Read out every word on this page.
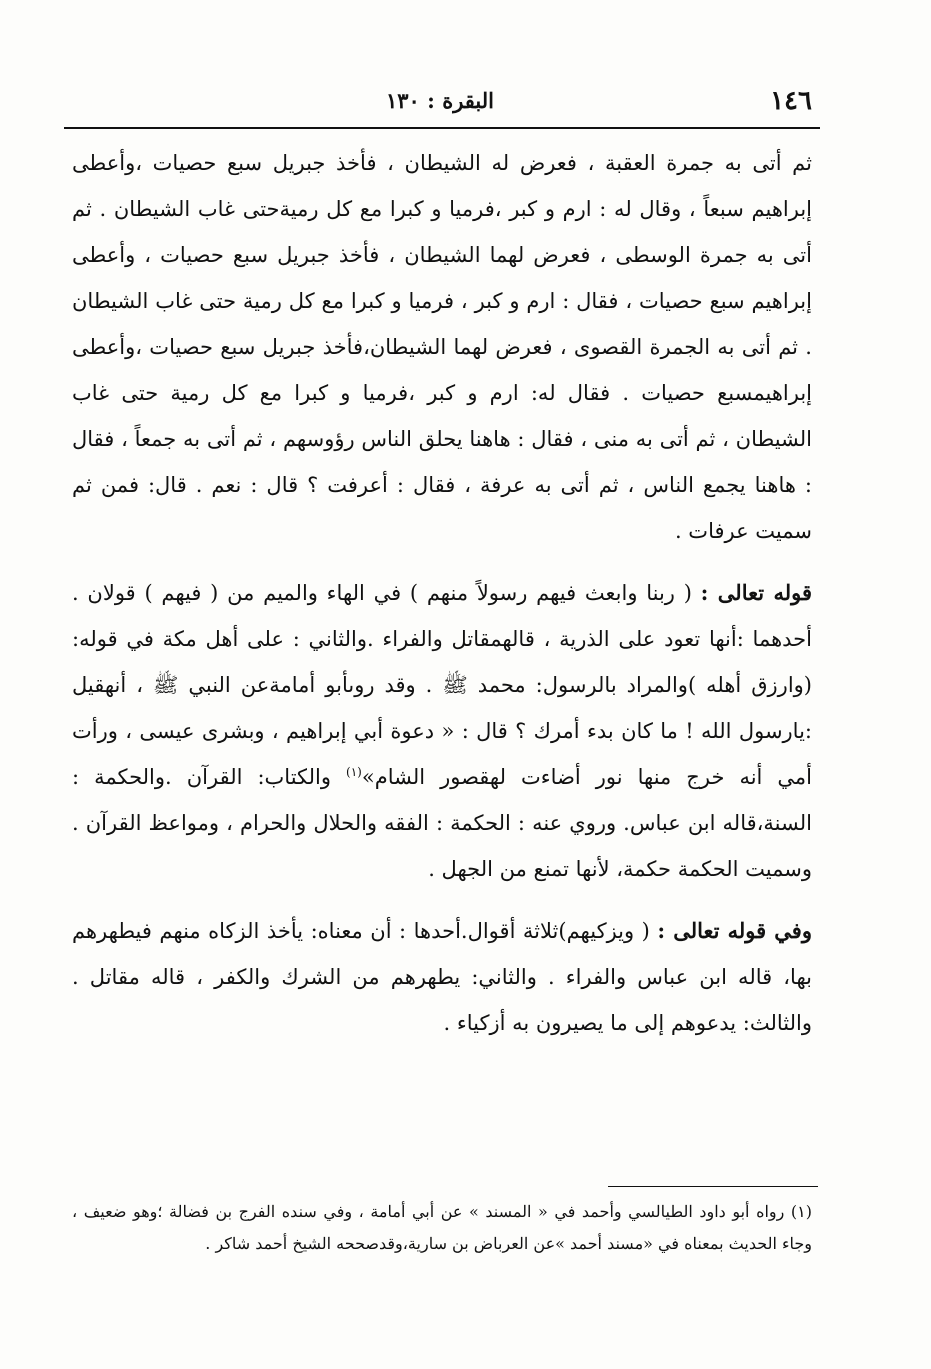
١٤٦
البقرة : ١٣٠

ثم أتى به جمرة العقبة ، فعرض له الشيطان ، فأخذ جبريل سبع حصيات ،وأعطى إبراهيم سبعاً ، وقال له : ارم و كبر ،فرميا و كبرا مع كل رميةحتى غاب الشيطان . ثم أتى به جمرة الوسطى ، فعرض لهما الشيطان ، فأخذ جبريل سبع حصيات ، وأعطى إبراهيم سبع حصيات ، فقال : ارم و كبر ، فرميا و كبرا مع كل رمية حتى غاب الشيطان . ثم أتى به الجمرة القصوى ، فعرض لهما الشيطان،فأخذ جبريل سبع حصيات ،وأعطى إبراهيمسبع حصيات . فقال له: ارم و كبر ،فرميا و كبرا مع كل رمية حتى غاب الشيطان ، ثم أتى به منى ، فقال : هاهنا يحلق الناس رؤوسهم ، ثم أتى به جمعاً ، فقال : هاهنا يجمع الناس ، ثم أتى به عرفة ، فقال : أعرفت ؟ قال : نعم . قال: فمن ثم سميت عرفات .

قوله تعالى : ( ربنا وابعث فيهم رسولاً منهم ) في الهاء والميم من ( فيهم ) قولان . أحدهما :أنها تعود على الذرية ، قالهمقاتل والفراء .والثاني : على أهل مكة في قوله:(وارزق أهله )والمراد بالرسول: محمد ﷺ . وقد روىأبو أمامةعن النبي ﷺ ، أنهقيل :يارسول الله ! ما كان بدء أمرك ؟ قال : « دعوة أبي إبراهيم ، وبشرى عيسى ، ورأت أمي أنه خرج منها نور أضاءت لهقصور الشام»$^{(١)}$ والكتاب: القرآن .والحكمة : السنة،قاله ابن عباس. وروي عنه : الحكمة : الفقه والحلال والحرام ، ومواعظ القرآن . وسميت الحكمة حكمة، لأنها تمنع من الجهل .

وفي قوله تعالى : ( ويزكيهم)ثلاثة أقوال.أحدها : أن معناه: يأخذ الزكاه منهم فيطهرهم بها، قاله ابن عباس والفراء . والثاني: يطهرهم من الشرك والكفر ، قاله مقاتل . والثالث: يدعوهم إلى ما يصيرون به أزكياء .

(١) رواه أبو داود الطيالسي وأحمد في « المسند » عن أبي أمامة ، وفي سنده الفرج بن فضالة ؛وهو ضعيف ، وجاء الحديث بمعناه في «مسند أحمد »عن العرباض بن سارية،وقدصححه الشيخ أحمد شاكر .
